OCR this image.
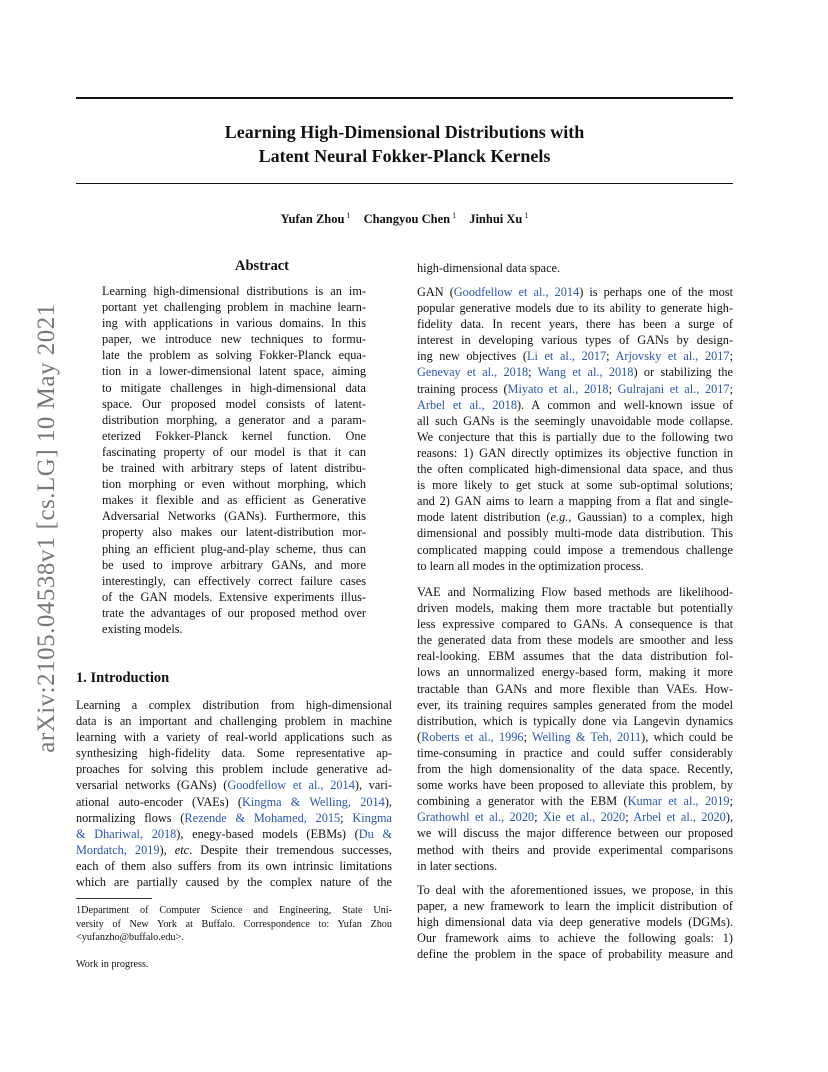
Learning High-Dimensional Distributions with
Latent Neural Fokker-Planck Kernels
Yufan Zhou $^1$ Changyou Chen $^1$ Jinhui Xu $^1$
arXiv:2105.04538v1 [cs.LG] 10 May 2021
Abstract
Learning high-dimensional distributions is an im-
portant yet challenging problem in machine learn-
ing with applications in various domains. In this
paper, we introduce new techniques to formu-
late the problem as solving Fokker-Planck equa-
tion in a lower-dimensional latent space, aiming
to mitigate challenges in high-dimensional data
space. Our proposed model consists of latent-
distribution morphing, a generator and a param-
eterized Fokker-Planck kernel function. One
fascinating property of our model is that it can
be trained with arbitrary steps of latent distribu-
tion morphing or even without morphing, which
makes it flexible and as efficient as Generative
Adversarial Networks (GANs). Furthermore, this
property also makes our latent-distribution mor-
phing an efficient plug-and-play scheme, thus can
be used to improve arbitrary GANs, and more
interestingly, can effectively correct failure cases
of the GAN models. Extensive experiments illus-
trate the advantages of our proposed method over
existing models.
1. Introduction
Learning a complex distribution from high-dimensional
data is an important and challenging problem in machine
learning with a variety of real-world applications such as
synthesizing high-fidelity data. Some representative ap-
proaches for solving this problem include generative ad-
versarial networks (GANs) (Goodfellow et al., 2014), vari-
ational auto-encoder (VAEs) (Kingma & Welling, 2014),
normalizing flows (Rezende & Mohamed, 2015; Kingma
& Dhariwal, 2018), enegy-based models (EBMs) (Du &
Mordatch, 2019), etc. Despite their tremendous successes,
each of them also suffers from its own intrinsic limitations
which are partially caused by the complex nature of the
1Department of Computer Science and Engineering, State Uni-
versity of New York at Buffalo. Correspondence to: Yufan Zhou
<yufanzho@buffalo.edu>.
Work in progress.
high-dimensional data space.
GAN (Goodfellow et al., 2014) is perhaps one of the most
popular generative models due to its ability to generate high-
fidelity data. In recent years, there has been a surge of
interest in developing various types of GANs by design-
ing new objectives (Li et al., 2017; Arjovsky et al., 2017;
Genevay et al., 2018; Wang et al., 2018) or stabilizing the
training process (Miyato et al., 2018; Gulrajani et al., 2017;
Arbel et al., 2018). A common and well-known issue of
all such GANs is the seemingly unavoidable mode collapse.
We conjecture that this is partially due to the following two
reasons: 1) GAN directly optimizes its objective function in
the often complicated high-dimensional data space, and thus
is more likely to get stuck at some sub-optimal solutions;
and 2) GAN aims to learn a mapping from a flat and single-
mode latent distribution (e.g., Gaussian) to a complex, high
dimensional and possibly multi-mode data distribution. This
complicated mapping could impose a tremendous challenge
to learn all modes in the optimization process.
VAE and Normalizing Flow based methods are likelihood-
driven models, making them more tractable but potentially
less expressive compared to GANs. A consequence is that
the generated data from these models are smoother and less
real-looking. EBM assumes that the data distribution fol-
lows an unnormalized energy-based form, making it more
tractable than GANs and more flexible than VAEs. How-
ever, its training requires samples generated from the model
distribution, which is typically done via Langevin dynamics
(Roberts et al., 1996; Welling & Teh, 2011), which could be
time-consuming in practice and could suffer considerably
from the high domensionality of the data space. Recently,
some works have been proposed to alleviate this problem, by
combining a generator with the EBM (Kumar et al., 2019;
Grathowhl et al., 2020; Xie et al., 2020; Arbel et al., 2020),
we will discuss the major difference between our proposed
method with theirs and provide experimental comparisons
in later sections.
To deal with the aforementioned issues, we propose, in this
paper, a new framework to learn the implicit distribution of
high dimensional data via deep generative models (DGMs).
Our framework aims to achieve the following goals: 1)
define the problem in the space of probability measure and
